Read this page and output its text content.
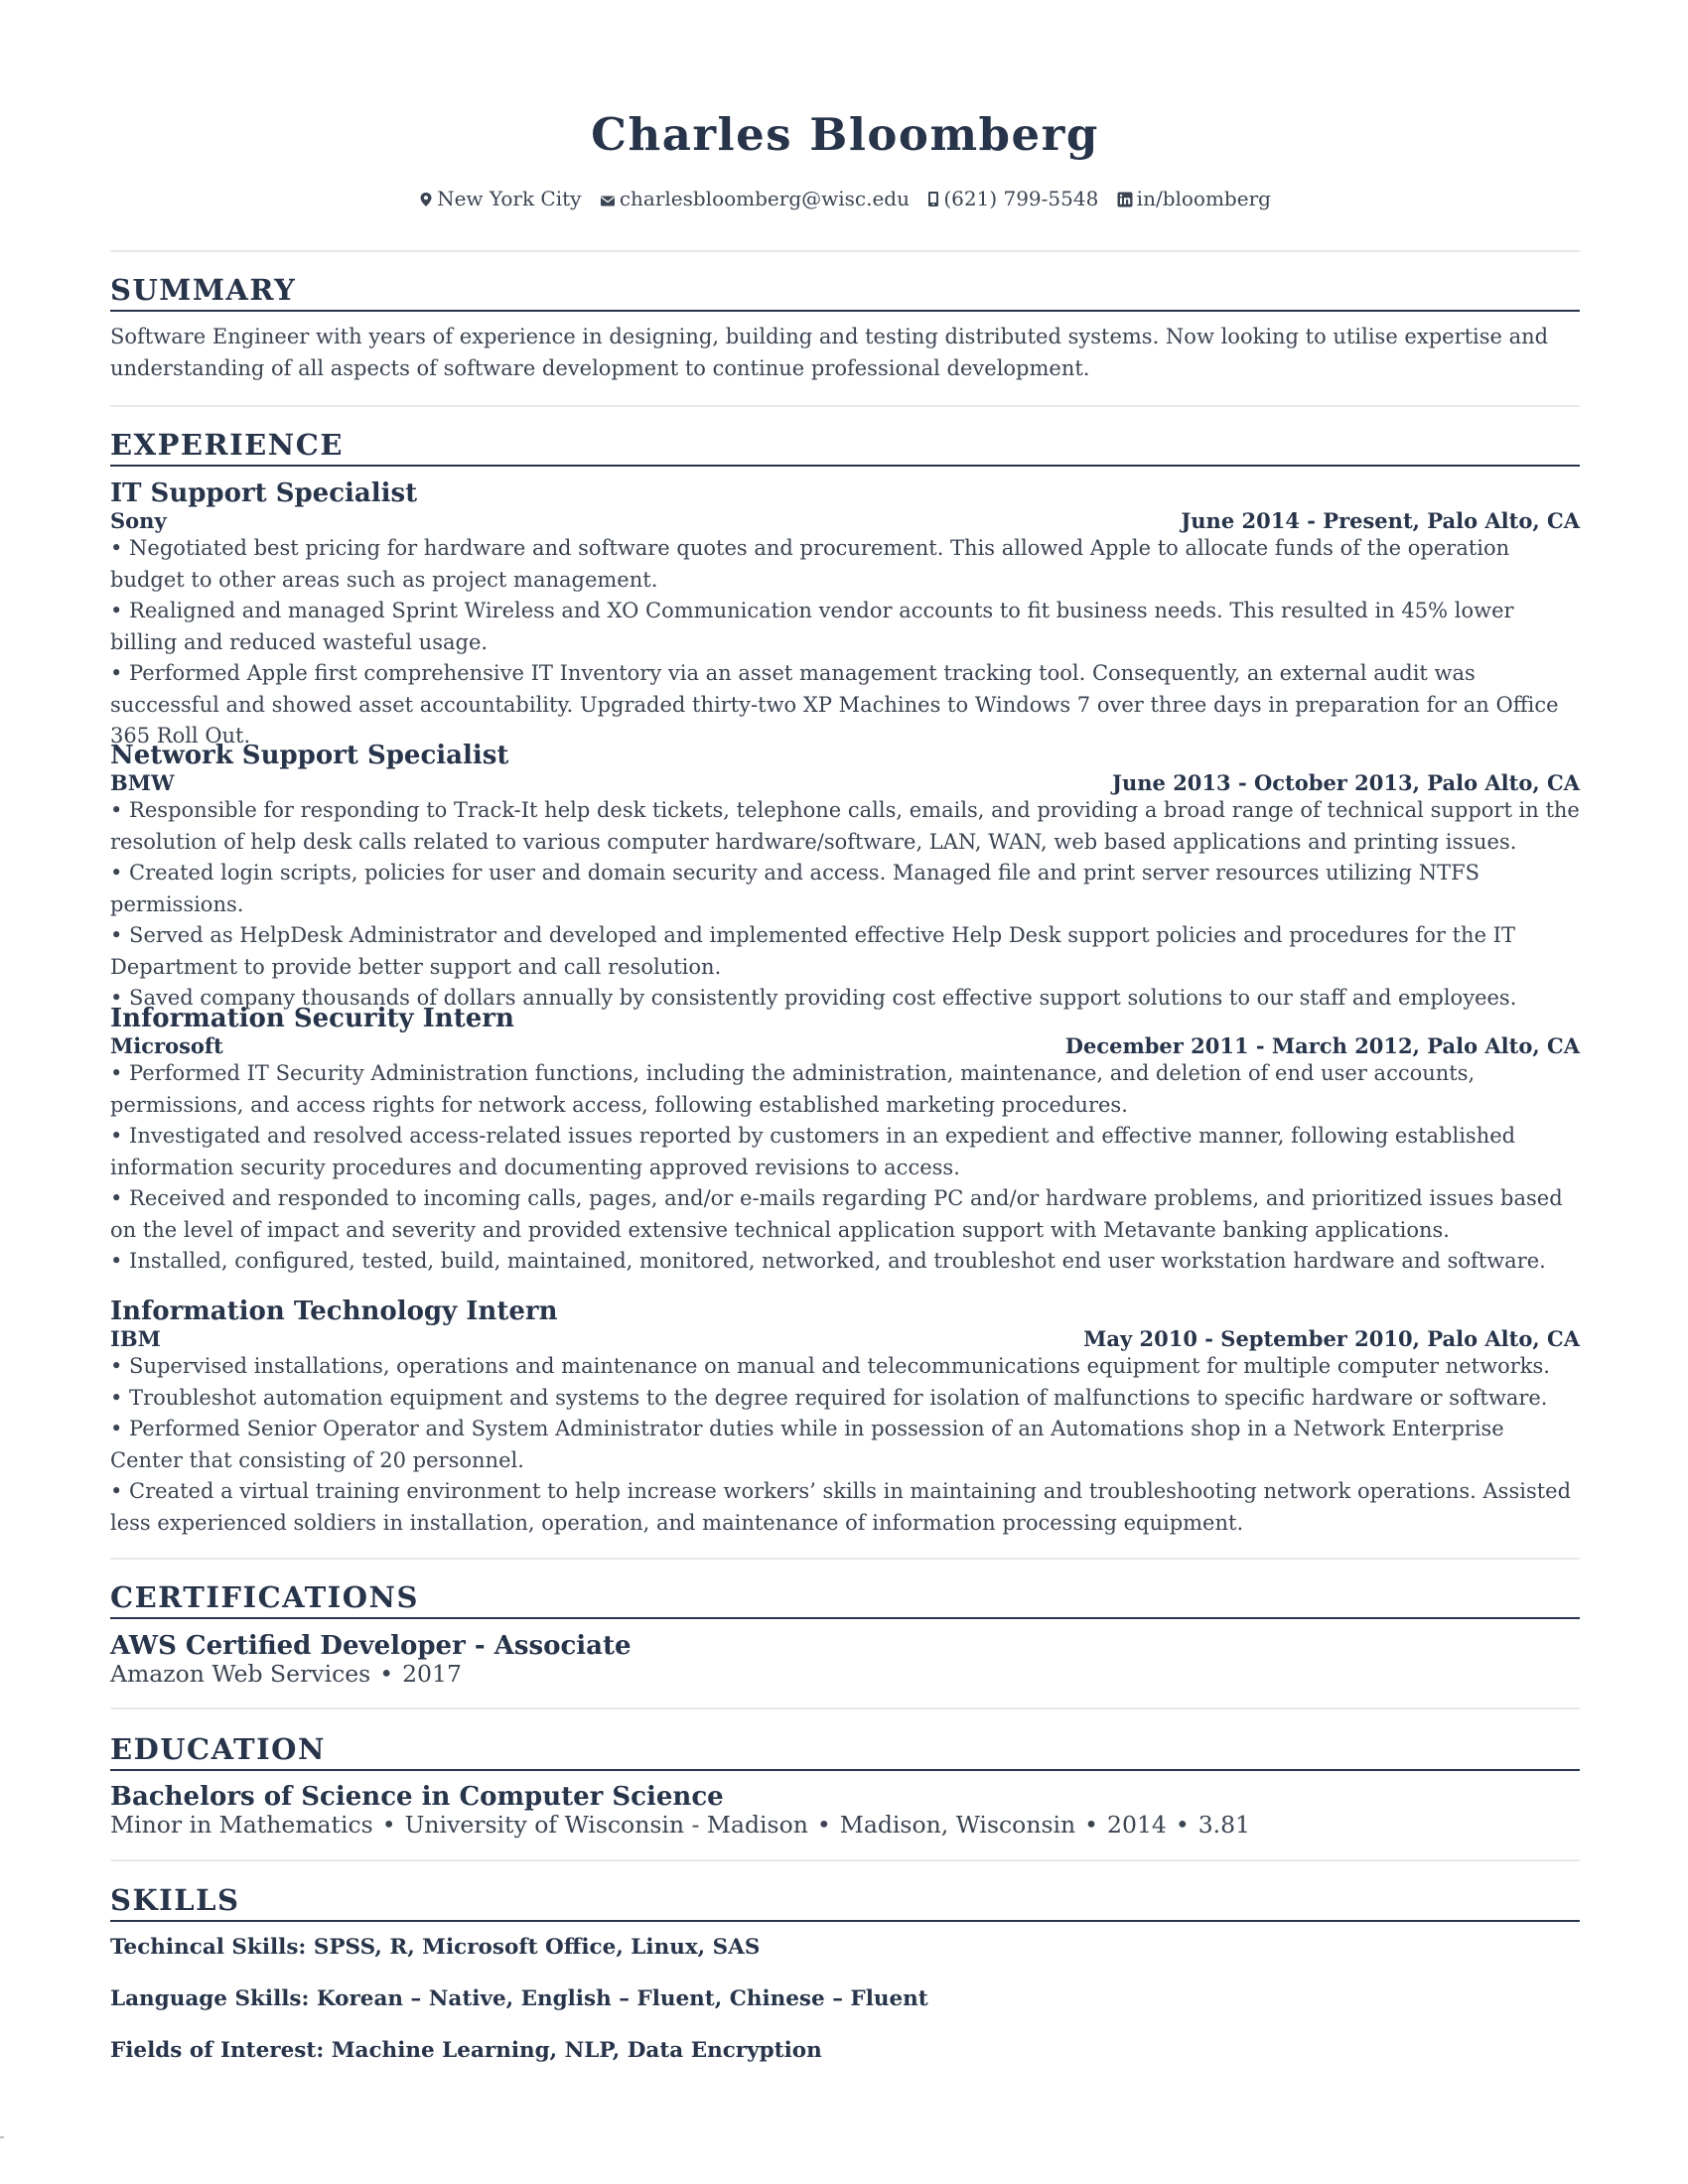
Charles Bloomberg
New York City charlesbloomberg@wisc.edu (621) 799-5548 in/bloomberg
SUMMARY
Software Engineer with years of experience in designing, building and testing distributed systems. Now looking to utilise expertise and understanding of all aspects of software development to continue professional development.
EXPERIENCE
IT Support Specialist
Sony	June 2014 - Present, Palo Alto, CA
• Negotiated best pricing for hardware and software quotes and procurement. This allowed Apple to allocate funds of the operation budget to other areas such as project management.
• Realigned and managed Sprint Wireless and XO Communication vendor accounts to fit business needs. This resulted in 45% lower billing and reduced wasteful usage.
• Performed Apple first comprehensive IT Inventory via an asset management tracking tool. Consequently, an external audit was successful and showed asset accountability. Upgraded thirty-two XP Machines to Windows 7 over three days in preparation for an Office 365 Roll Out.
Network Support Specialist
BMW	June 2013 - October 2013, Palo Alto, CA
• Responsible for responding to Track-It help desk tickets, telephone calls, emails, and providing a broad range of technical support in the resolution of help desk calls related to various computer hardware/software, LAN, WAN, web based applications and printing issues.
• Created login scripts, policies for user and domain security and access. Managed file and print server resources utilizing NTFS permissions.
• Served as HelpDesk Administrator and developed and implemented effective Help Desk support policies and procedures for the IT Department to provide better support and call resolution.
• Saved company thousands of dollars annually by consistently providing cost effective support solutions to our staff and employees.
Information Security Intern
Microsoft	December 2011 - March 2012, Palo Alto, CA
• Performed IT Security Administration functions, including the administration, maintenance, and deletion of end user accounts, permissions, and access rights for network access, following established marketing procedures.
• Investigated and resolved access-related issues reported by customers in an expedient and effective manner, following established information security procedures and documenting approved revisions to access.
• Received and responded to incoming calls, pages, and/or e-mails regarding PC and/or hardware problems, and prioritized issues based on the level of impact and severity and provided extensive technical application support with Metavante banking applications.
• Installed, configured, tested, build, maintained, monitored, networked, and troubleshot end user workstation hardware and software.
Information Technology Intern
IBM	May 2010 - September 2010, Palo Alto, CA
• Supervised installations, operations and maintenance on manual and telecommunications equipment for multiple computer networks.
• Troubleshot automation equipment and systems to the degree required for isolation of malfunctions to specific hardware or software.
• Performed Senior Operator and System Administrator duties while in possession of an Automations shop in a Network Enterprise Center that consisting of 20 personnel.
• Created a virtual training environment to help increase workers’ skills in maintaining and troubleshooting network operations. Assisted less experienced soldiers in installation, operation, and maintenance of information processing equipment.
CERTIFICATIONS
AWS Certified Developer - Associate
Amazon Web Services • 2017
EDUCATION
Bachelors of Science in Computer Science
Minor in Mathematics • University of Wisconsin - Madison • Madison, Wisconsin • 2014 • 3.81
SKILLS
Techincal Skills: SPSS, R, Microsoft Office, Linux, SAS
Language Skills: Korean – Native, English – Fluent, Chinese – Fluent
Fields of Interest: Machine Learning, NLP, Data Encryption
